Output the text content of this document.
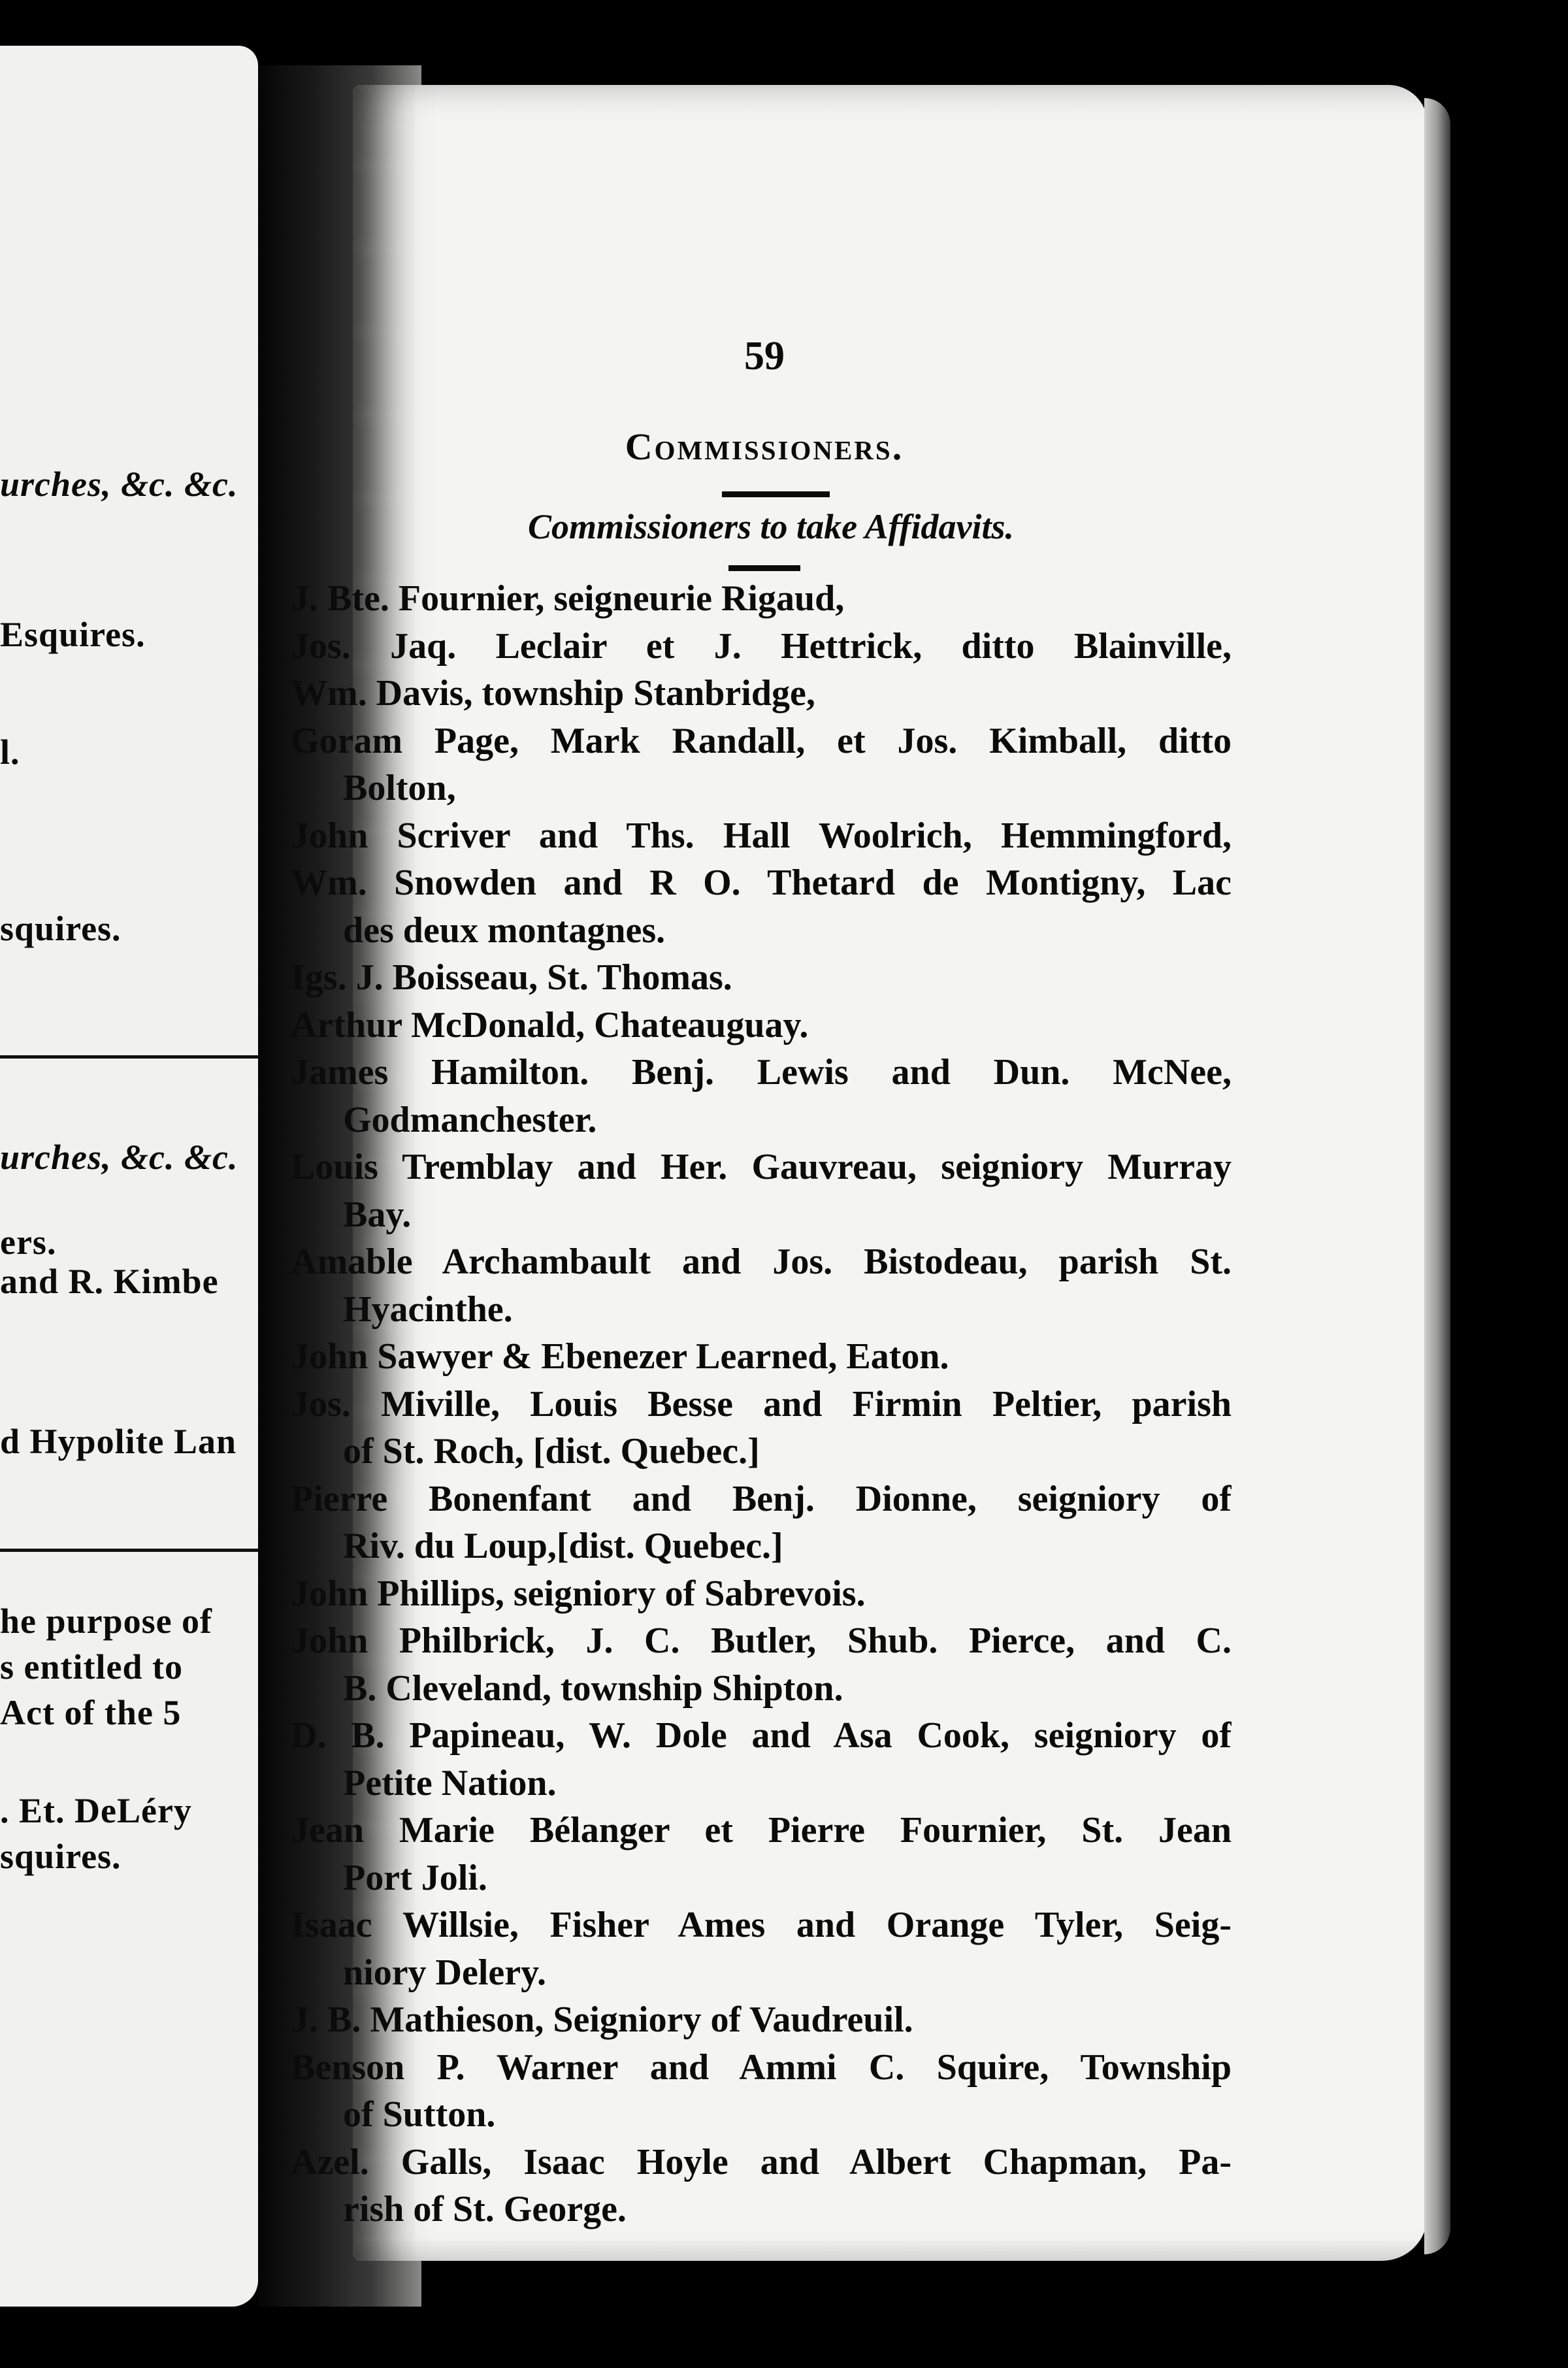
urches, &c. &c.
Esquires.
l.
squires.
urches, &c. &c.
ers.
and R. Kimbe
d Hypolite Lan
he purpose of
s entitled to
Act of the 5
. Et. DeLéry
squires.
59
Commissioners.
Commissioners to take Affidavits.
J. Bte. Fournier, seigneurie Rigaud,
Jos. Jaq. Leclair et J. Hettrick, ditto Blainville,
Wm. Davis, township Stanbridge,
Goram Page, Mark Randall, et Jos. Kimball, ditto
Bolton,
John Scriver and Ths. Hall Woolrich, Hemmingford,
Wm. Snowden and R O. Thetard de Montigny, Lac
des deux montagnes.
Igs. J. Boisseau, St. Thomas.
Arthur McDonald, Chateauguay.
James Hamilton. Benj. Lewis and Dun. McNee,
Godmanchester.
Louis Tremblay and Her. Gauvreau, seigniory Murray
Bay.
Amable Archambault and Jos. Bistodeau, parish St.
Hyacinthe.
John Sawyer & Ebenezer Learned, Eaton.
Jos. Miville, Louis Besse and Firmin Peltier, parish
of St. Roch, [dist. Quebec.]
Pierre Bonenfant and Benj. Dionne, seigniory of
Riv. du Loup,[dist. Quebec.]
John Phillips, seigniory of Sabrevois.
John Philbrick, J. C. Butler, Shub. Pierce, and C.
B. Cleveland, township Shipton.
D. B. Papineau, W. Dole and Asa Cook, seigniory of
Petite Nation.
Jean Marie Bélanger et Pierre Fournier, St. Jean
Port Joli.
Isaac Willsie, Fisher Ames and Orange Tyler, Seig-
niory Delery.
J. B. Mathieson, Seigniory of Vaudreuil.
Benson P. Warner and Ammi C. Squire, Township
of Sutton.
Azel. Galls, Isaac Hoyle and Albert Chapman, Pa-
rish of St. George.
